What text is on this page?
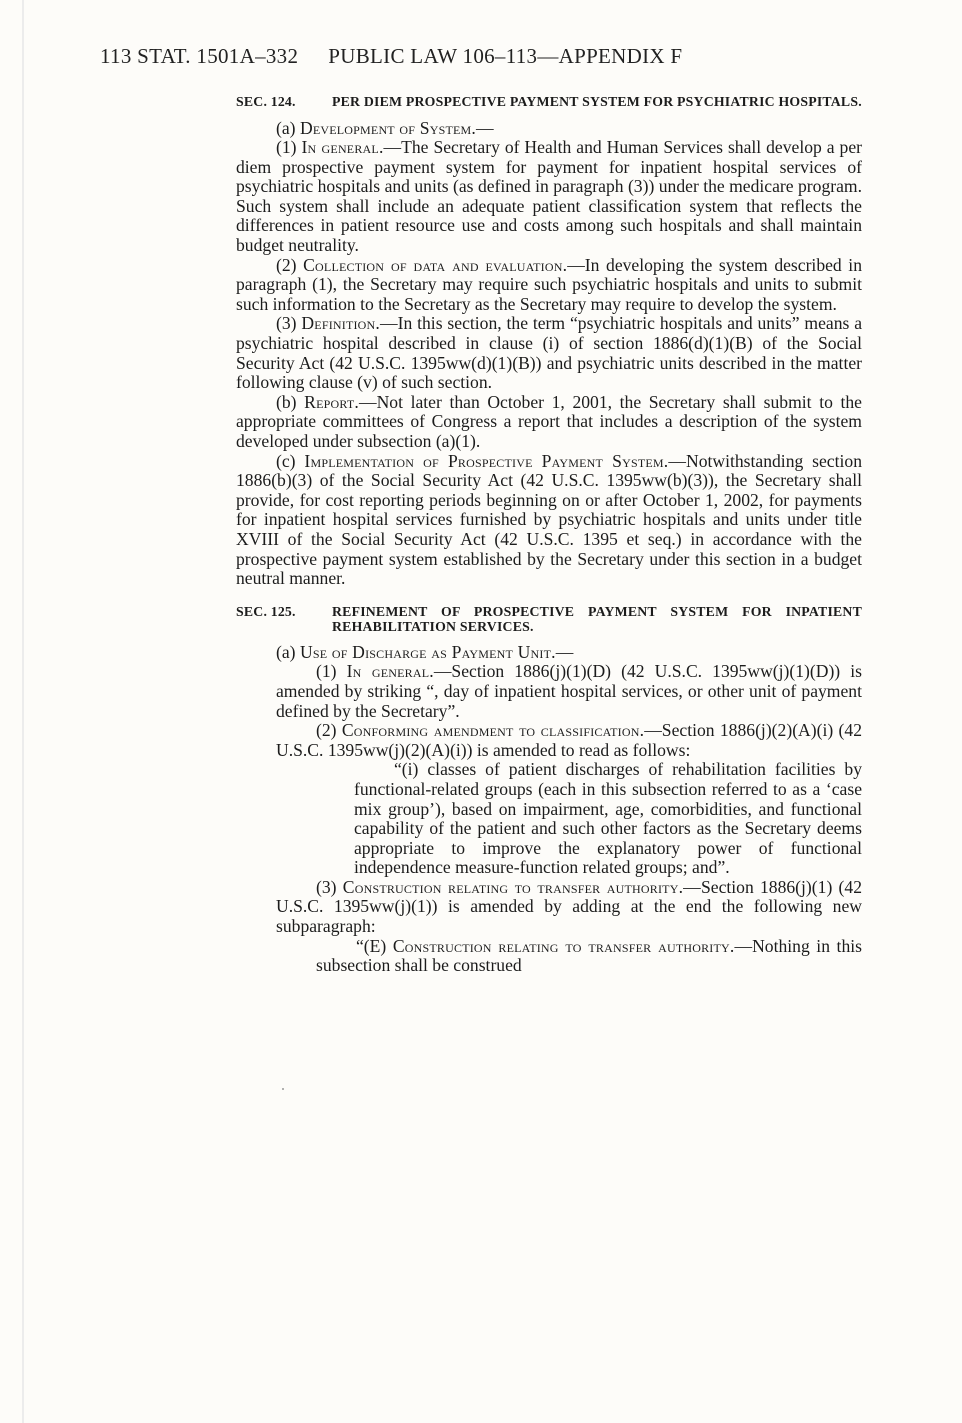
113 STAT. 1501A–332 PUBLIC LAW 106–113—APPENDIX F
SEC. 124.	PER DIEM PROSPECTIVE PAYMENT SYSTEM FOR PSYCHIATRIC HOSPITALS.

(a) Development of System.—

(1) In general.—The Secretary of Health and Human Services shall develop a per diem prospective payment system for payment for inpatient hospital services of psychiatric hospitals and units (as defined in paragraph (3)) under the medicare program. Such system shall include an adequate patient classification system that reflects the differences in patient resource use and costs among such hospitals and shall maintain budget neutrality.

(2) Collection of data and evaluation.—In developing the system described in paragraph (1), the Secretary may require such psychiatric hospitals and units to submit such information to the Secretary as the Secretary may require to develop the system.

(3) Definition.—In this section, the term “psychiatric hospitals and units” means a psychiatric hospital described in clause (i) of section 1886(d)(1)(B) of the Social Security Act (42 U.S.C. 1395ww(d)(1)(B)) and psychiatric units described in the matter following clause (v) of such section.

(b) Report.—Not later than October 1, 2001, the Secretary shall submit to the appropriate committees of Congress a report that includes a description of the system developed under subsection (a)(1).

(c) Implementation of Prospective Payment System.—Notwithstanding section 1886(b)(3) of the Social Security Act (42 U.S.C. 1395ww(b)(3)), the Secretary shall provide, for cost reporting periods beginning on or after October 1, 2002, for payments for inpatient hospital services furnished by psychiatric hospitals and units under title XVIII of the Social Security Act (42 U.S.C. 1395 et seq.) in accordance with the prospective payment system established by the Secretary under this section in a budget neutral manner.

SEC. 125.	REFINEMENT OF PROSPECTIVE PAYMENT SYSTEM FOR INPATIENT REHABILITATION SERVICES.

(a) Use of Discharge as Payment Unit.—

(1) In general.—Section 1886(j)(1)(D) (42 U.S.C. 1395ww(j)(1)(D)) is amended by striking “, day of inpatient hospital services, or other unit of payment defined by the Secretary”.

(2) Conforming amendment to classification.—Section 1886(j)(2)(A)(i) (42 U.S.C. 1395ww(j)(2)(A)(i)) is amended to read as follows:

“(i) classes of patient discharges of rehabilitation facilities by functional-related groups (each in this subsection referred to as a ‘case mix group’), based on impairment, age, comorbidities, and functional capability of the patient and such other factors as the Secretary deems appropriate to improve the explanatory power of functional independence measure-function related groups; and”.

(3) Construction relating to transfer authority.—Section 1886(j)(1) (42 U.S.C. 1395ww(j)(1)) is amended by adding at the end the following new subparagraph:

“(E) Construction relating to transfer authority.—Nothing in this subsection shall be construed
